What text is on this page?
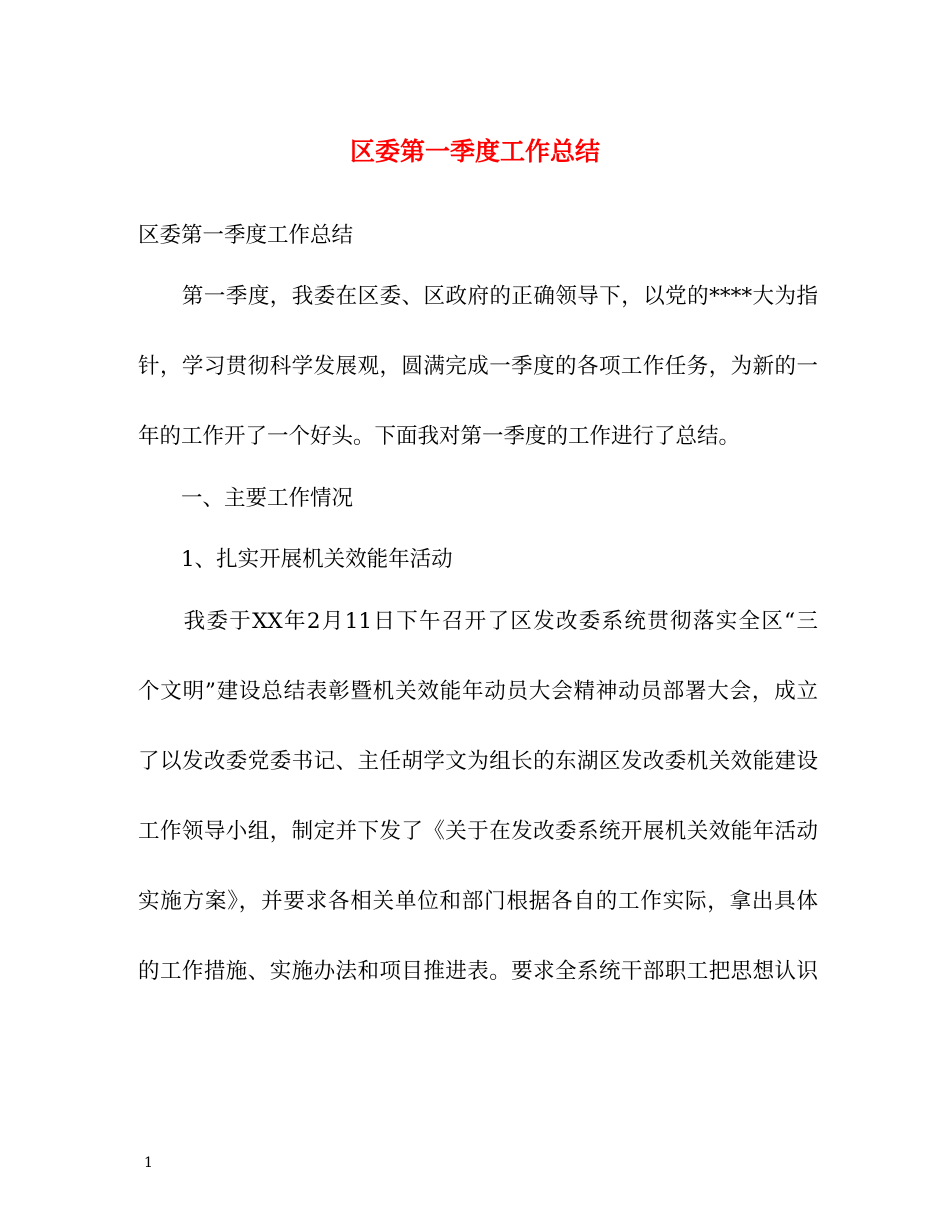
区委第一季度工作总结

区委第一季度工作总结

　　第一季度，我委在区委、区政府的正确领导下，以党的****大为指

针，学习贯彻科学发展观，圆满完成一季度的各项工作任务，为新的一

年的工作开了一个好头。下面我对第一季度的工作进行了总结。

　　一、主要工作情况

　　1、扎实开展机关效能年活动

　　我委于XX年2月11日下午召开了区发改委系统贯彻落实全区“三

个文明”建设总结表彰暨机关效能年动员大会精神动员部署大会，成立

了以发改委党委书记、主任胡学文为组长的东湖区发改委机关效能建设

工作领导小组，制定并下发了《关于在发改委系统开展机关效能年活动

实施方案》，并要求各相关单位和部门根据各自的工作实际，拿出具体

的工作措施、实施办法和项目推进表。要求全系统干部职工把思想认识

1
